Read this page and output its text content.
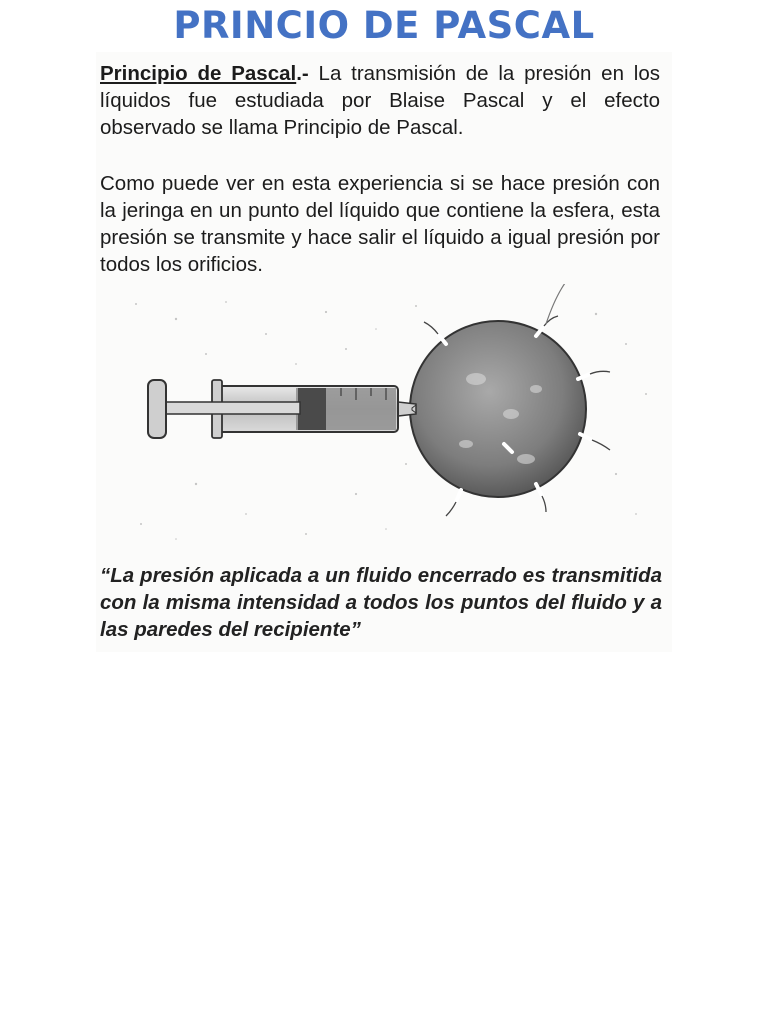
PRINCIO DE PASCAL

Principio de Pascal.- La transmisión de la presión en los líquidos fue estudiada por Blaise Pascal y el efecto observado se llama Principio de Pascal.

Como puede ver en esta experiencia si se hace presión con la jeringa en un punto del líquido que contiene la esfera, esta presión se transmite y hace salir el líquido a igual presión por todos los orificios.

“La presión aplicada a un fluido encerrado es transmitida con la misma intensidad a todos los puntos del fluido y a las paredes del recipiente”
